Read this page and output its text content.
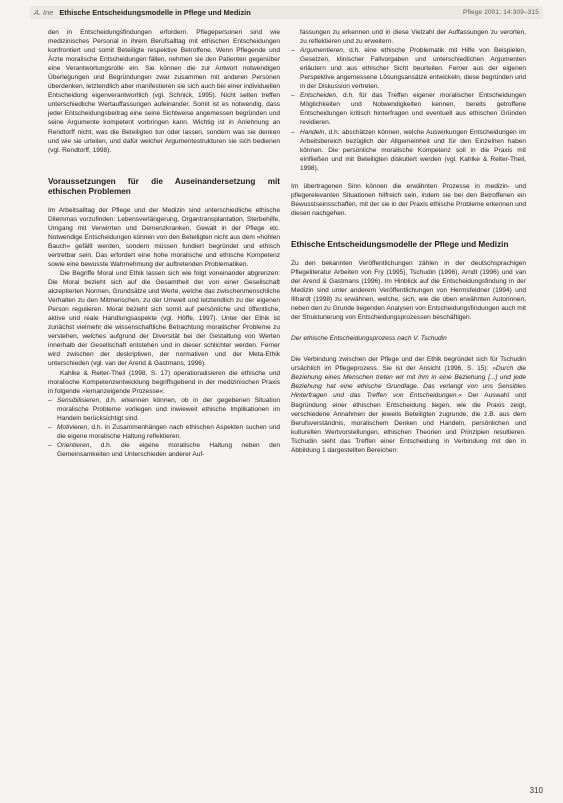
A. Ine Ethische Entscheidungsmodelle in Pflege und Medizin	Pflege 2001; 14:309–315

den in Entscheidungsfindungen erfordern. Pflegepersonen sind wie medizinisches Personal in ihrem Berufsalltag mit ethischen Entscheidungen konfrontiert und somit Beteiligte respektive Betroffene. Wenn Pflegende und Ärzte moralische Entscheidungen fällen, nehmen sie den Patienten gegenüber eine Verantwortungsrolle ein. Sie können die zur Antwort notwendigen Überlegungen und Begründungen zwar zusammen mit anderen Personen überdenken, letztendlich aber manifestieren sie sich auch bei einer individuellen Entscheidung eigenverantwortlich (vgl. Schnick, 1995). Nicht selten treffen unterschiedliche Wertauffassungen aufeinander. Somit ist es notwendig, dass jeder Entscheidungsbeitrag eine seine Sichtweise angemessen begründen und seine Argumente kompetent vorbringen kann. Wichtig ist in Anlehnung an Rendtorff nicht, was die Beteiligten tun oder lassen, sondern was sie denken und wie sie urteilen, und dafür welcher Argumentestrukturen sie sich bedienen (vgl. Rendtorff, 1998).

Voraussetzungen für die Auseinandersetzung mit ethischen Problemen

Im Arbeitsalltag der Pflege und der Medizin sind unterschiedliche ethische Dilemmas vorzufinden: Lebensverlängerung, Organtransplantation, Sterbehilfe, Umgang mit Verwirrten und Demenzkranken, Gewalt in der Pflege etc. Notwendige Entscheidungen können von den Beteiligten nicht aus dem »hohlen Bauch« gefällt werden, sondern müssen fundiert begründet und ethisch vertretbar sein. Das erfordert eine hohe moralische und ethische Kompetenz sowie eine bewusste Wahrnehmung der auftretenden Problematiken.

Die Begriffe Moral und Ethik lassen sich wie folgt voneinander abgrenzen: Die Moral bezieht sich auf die Gesamtheit der von einer Gesellschaft akzeptierten Normen, Grundsätze und Werte, welche das zwischenmenschliche Verhalten zu den Mitmenschen, zu der Umwelt und letztendlich zu der eigenen Person regulieren. Moral bezieht sich somit auf persönliche und öffentliche, aktive und reale Handlungsaspekte (vgl. Höffe, 1997). Unter der Ethik ist zunächst vielmehr die wissenschaftliche Betrachtung moralischer Probleme zu verstehen, welches aufgrund der Diversität bei der Gestaltung von Werten innerhalb der Gesellschaft entstehen und in dieser schlichter werden. Ferner wird zwischen der deskriptiven, der normativen und der Meta-Ethik unterschieden (vgl. van der Arend & Gastmans, 1996).

Kahlke & Reiter-Theil (1998, S. 17) operationalisieren die ethische und moralische Kompetenzentwicklung begriffsgebend in der medizinischen Praxis in folgende »lernanzeigende Prozesse«:

– Sensibilisieren, d.h. erkennen können, ob in der gegebenen Situation moralische Probleme vorliegen und inwieweit ethische Implikationen im Handeln berücksichtigt sind.
– Motivieren, d.h. in Zusammenhängen nach ethischen Aspekten suchen und die eigene moralische Haltung reflektieren.
– Orientieren, d.h. die eigene moralische Haltung neben den Gemeinsamkeiten und Unterschieden anderer Auf-

fassungen zu erkennen und in diese Vielzahl der Auffassungen zu verorten, zu reflektieren und zu erweitern.

– Argumentieren, d.h. eine ethische Problematik mit Hilfe von Beispielen, Gesetzen, klinischer Fallvorgaben und unterschiedlichen Argumenten erläutern und aus ethischer Sicht beurteilen. Ferner aus der eigenen Perspektive angemessene Lösungsansätze entwickeln, diese begründen und in der Diskussion vertreten.
– Entscheiden, d.h. für das Treffen eigener moralischer Entscheidungen Möglichkeiten und Notwendigkeiten kennen, bereits getroffene Entscheidungen kritisch hinterfragen und eventuell aus ethischen Gründen revidieren.
– Handeln, d.h. abschätzen können, welche Auswirkungen Entscheidungen im Arbeitsbereich bezüglich der Allgemeinheit und für den Einzelnen haben können. Die persönliche moralische Kompetenz soll in die Praxis mit einfließen und mit Beteiligten diskutiert werden (vgl. Kahlke & Reiter-Theil, 1998).

Im übertragenen Sinn können die erwähnten Prozesse in medizin- und pflegerelevanten Situationen hilfreich sein, indem sie bei den Betroffenen ein Bewusstseinsschaffen, mit der sie in der Praxis ethische Probleme erkennen und diesen nachgehen.

Ethische Entscheidungsmodelle der Pflege und Medizin

Zu den bekannten Veröffentlichungen zählen in der deutschsprachigen Pflegeliteratur Arbeiten von Fry (1995), Tschudin (1996), Arndt (1996) und van der Arend & Gastmans (1996). Im Hinblick auf die Entscheidungsfindung in der Medizin sind unter anderem Veröffentlichungen von Hermsfeldner (1994) und Illhardt (1998) zu erwähnen, welche, sich, wie die oben erwähnten Autorinnen, neben den zu Grunde liegenden Analysen von Entscheidungsfindungen auch mit der Strukturierung von Entscheidungsprozessen beschäftigen.

Der ethische Entscheidungsprozess nach V. Tschudin

Die Verbindung zwischen der Pflege und der Ethik begründet sich für Tschudin ursächlich im Pflegeprozess. Sie ist der Ansicht (1996, S. 15): »Durch die Beziehung eines Menschen treten wir mit ihm in eine Beziehung [...] und jede Beziehung hat eine ethische Grundlage. Das verlangt von uns Sensibles Hinterfragen und das Treffen von Entscheidungen.« Der Auswahl und Begründung einer ethischen Entscheidung liegen, wie die Praxis zeigt, verschiedene Annahmen der jeweils Beteiligten zugrunde, die z.B. aus dem Berufsverständnis, moralischem Denken und Handeln, persönlichen und kulturellen Wertvorstellungen, ethischen Theorien und Prinzipien resultieren. Tschudin sieht das Treffen einer Entscheidung in Verbindung mit den in Abbildung 1 dargestellten Bereichen:

310
